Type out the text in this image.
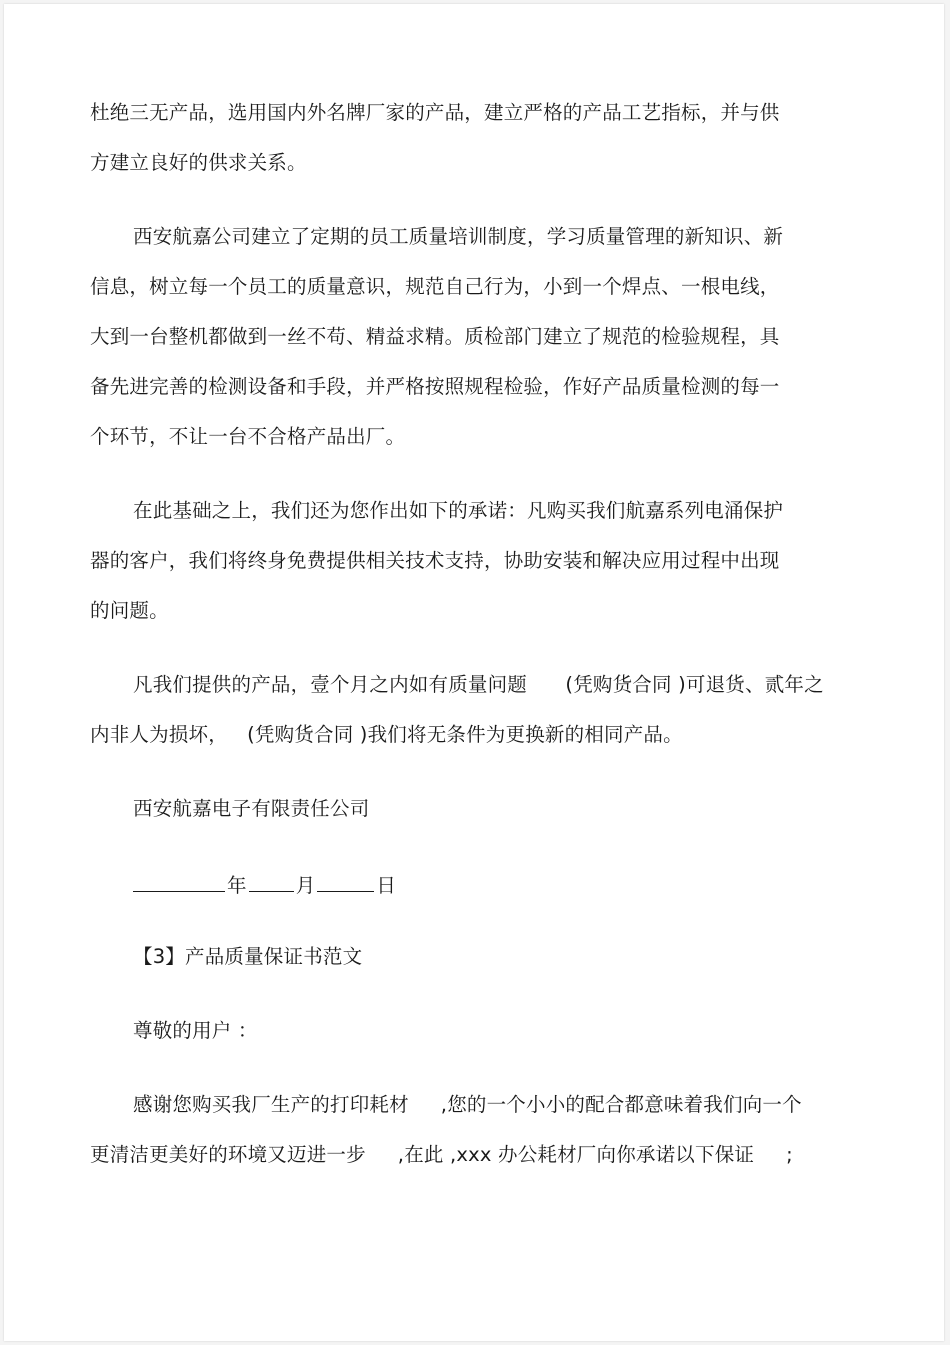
杜绝三无产品，选用国内外名牌厂家的产品，建立严格的产品工艺指标，并与供
方建立良好的供求关系。
西安航嘉公司建立了定期的员工质量培训制度，学习质量管理的新知识、新
信息，树立每一个员工的质量意识，规范自己行为，小到一个焊点、一根电线，
大到一台整机都做到一丝不苟、精益求精。质检部门建立了规范的检验规程，具
备先进完善的检测设备和手段，并严格按照规程检验，作好产品质量检测的每一
个环节，不让一台不合格产品出厂。
在此基础之上，我们还为您作出如下的承诺：凡购买我们航嘉系列电涌保护
器的客户，我们将终身免费提供相关技术支持，协助安装和解决应用过程中出现
的问题。
凡我们提供的产品，壹个月之内如有质量问题      (凭购货合同 )可退货、贰年之
内非人为损坏，   (凭购货合同 )我们将无条件为更换新的相同产品。
西安航嘉电子有限责任公司
年	月	日
【3】产品质量保证书范文
尊敬的用户 ：
感谢您购买我厂生产的打印耗材     ,您的一个小小的配合都意味着我们向一个
更清洁更美好的环境又迈进一步     ,在此 ,xxx 办公耗材厂向你承诺以下保证     ;
